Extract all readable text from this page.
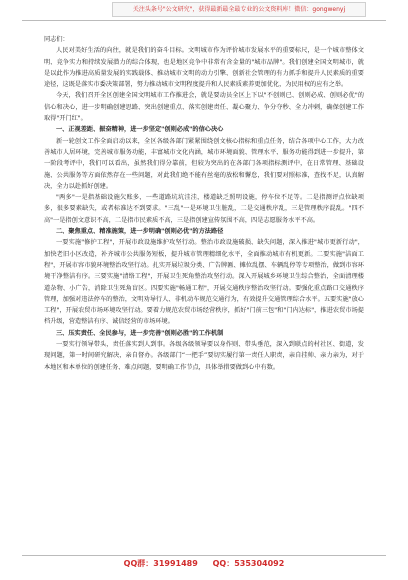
关注头条号"公文研究"，获得最新最全最专业的公文资料库！微信：gongwenyj

同志们：

人民对美好生活的向往，就是我们的奋斗目标。文明城市作为评价城市发展水平的重要标尺，是一个城市整体文明、竞争实力和持续发展潜力的综合体现，也是地区竞争中非常有含金量的"城市品牌"。我们创建全国文明城市，就是以此作为推进高质量发展的实践载体、推动城市文明的动力引擎、创新社会管理的有力抓手和提升人民素质的重要途径，这既是落实市委决策部署，努力推动城市文明程度提升和人民素质素养更加优化，为民用权的应有之举。

今天，我们召开全区创建全国文明城市工作推进会，就是要动员全区上下以"不创则已、创则必成、创则必优"的信心和决心，进一步明确创建思路、突出创建重点、落实创建责任、凝心聚力、争分夺秒、全力冲刺，确保创建工作取得"开门红"。

一、正视差距、振奋精神，进一步坚定"创则必成"的信心决心

新一轮创文工作全面启动以来，全区各级各部门紧紧围绕创文核心指标和重点任务，结合各项中心工作，大力改善城市人居环境，完善城市服务功能，丰富城市文化内涵，城市环境面貌、管理水平、服务功能得到进一步提升，第一阶段考评中，我们可以看出，虽然我们得分靠前，但较为突出的在各部门各项指标测评中，在日常管理、基础设施、公共服务等方面依然存在一些问题，对此我们绝不能有丝毫的放松和懈怠，我们要对照标准，查找不足，认真解决，全力以赴抓好创建。

"两多"一是指基础设施欠账多，一些道路坑坑洼洼，楼道缺乏照明设施，停车位不足等。二是指测评点位缺项多，很多要素缺失，或者标准达不到要求。"三乱"一是环境卫生脏乱，二是交通秩序乱，三是管理秩序混乱。"四不高"一是指创文意识不高，二是指市民素质不高，三是指创建宣传氛围不高，四是志愿服务水平不高。

二、聚焦重点、精准施策，进一步明确"创则必优"的方法路径

一要实施"修护工程"，开展市政设施维护攻坚行动。整治市政设施破损、缺失问题，深入推进"城市更新行动"，加快老旧小区改造，补齐城市公共服务短板，提升城市管理精细化水平，全面推动城市有机更新。二要实施"洁面工程"，开展市容市貌环境整治攻坚行动。扎实开展垃圾分类、广告牌匾、摊位乱摆、车辆乱停等专项整治，做到市容环境干净整洁有序。三要实施"清络工程"，开展卫生死角整治攻坚行动。深入开展城乡环境卫生综合整治，全面清理楼道杂物、小广告，消除卫生死角盲区。四要实施"畅通工程"，开展交通秩序整治攻坚行动。要强化重点路口交通秩序管理，加强对违法停车的整治，文明劝导行人、非机动车规范交通行为，有效提升交通管理综合水平。五要实施"放心工程"，开展农贸市场环境攻坚行动。要着力规范农贸市场经营秩序，抓好"门前三包"和"门内达标"，推进农贸市场提档升级，营造整洁有序、诚信经营的市场环境。

三、压实责任、全民参与，进一步完善"创则必胜"的工作机制

一要实行领导带头，责任落实到人到事。各级各级领导要以身作则、带头垂范，深入到联点的村社区、街道，发现问题，第一时间研究解决，亲自督办。各级部门“一把手”要切实履行第一责任人职责，亲自挂帅、亲力亲为，对于本地区和本单位的创建任务、难点问题，要明确工作节点，具体举措要做到心中有数。

QQ群：31991489 QQ：535304092
